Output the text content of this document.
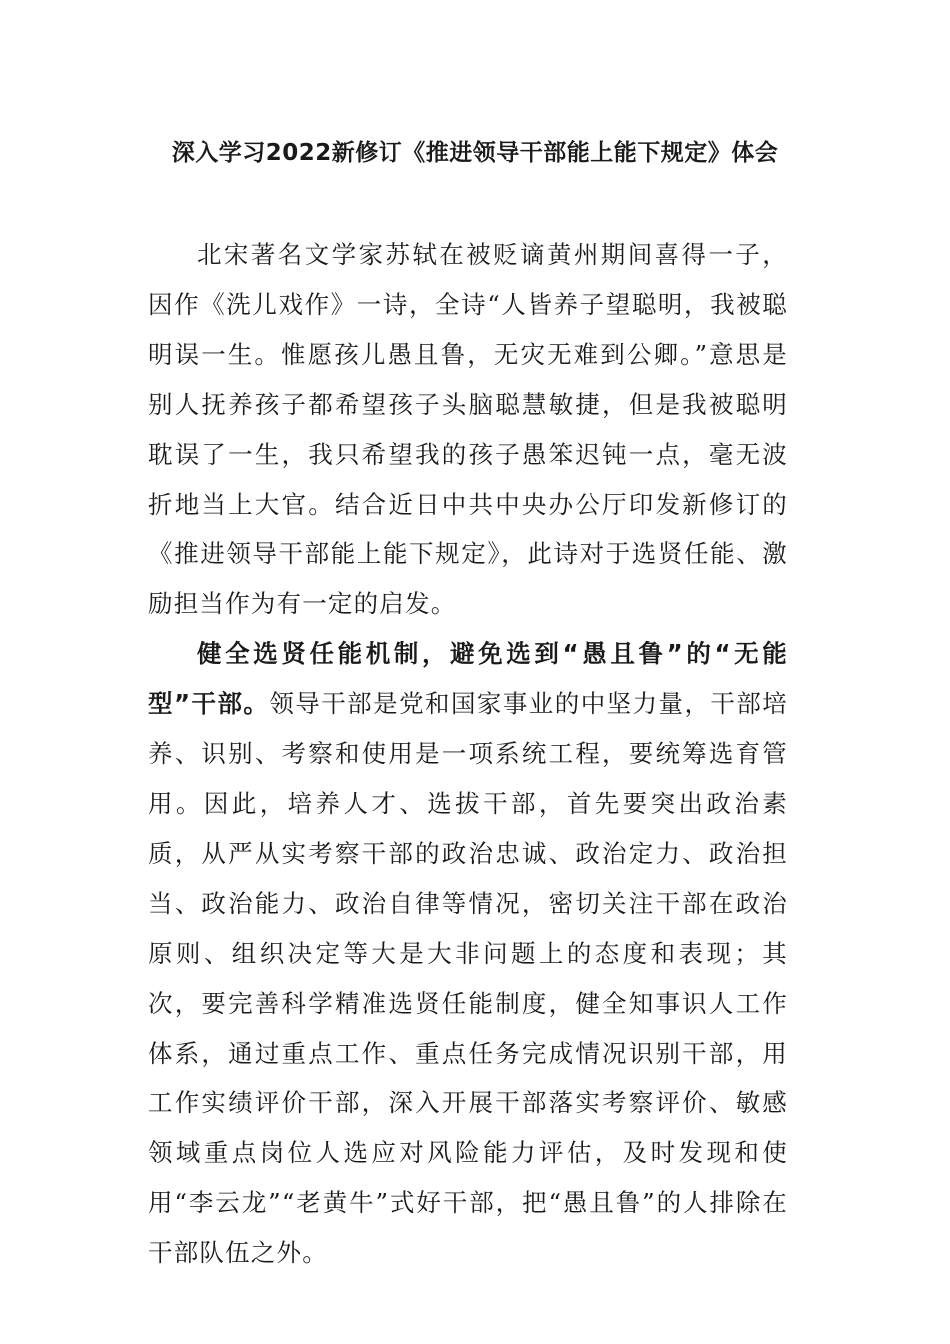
深入学习2022新修订《推进领导干部能上能下规定》体会

北宋著名文学家苏轼在被贬谪黄州期间喜得一子，因作《洗儿戏作》一诗，全诗“人皆养子望聪明，我被聪明误一生。惟愿孩儿愚且鲁，无灾无难到公卿。”意思是别人抚养孩子都希望孩子头脑聪慧敏捷，但是我被聪明耽误了一生，我只希望我的孩子愚笨迟钝一点，毫无波折地当上大官。结合近日中共中央办公厅印发新修订的《推进领导干部能上能下规定》，此诗对于选贤任能、激励担当作为有一定的启发。

健全选贤任能机制，避免选到“愚且鲁”的“无能型”干部。领导干部是党和国家事业的中坚力量，干部培养、识别、考察和使用是一项系统工程，要统筹选育管用。因此，培养人才、选拔干部，首先要突出政治素质，从严从实考察干部的政治忠诚、政治定力、政治担当、政治能力、政治自律等情况，密切关注干部在政治原则、组织决定等大是大非问题上的态度和表现；其次，要完善科学精准选贤任能制度，健全知事识人工作体系，通过重点工作、重点任务完成情况识别干部，用工作实绩评价干部，深入开展干部落实考察评价、敏感领域重点岗位人选应对风险能力评估，及时发现和使用“李云龙”“老黄牛”式好干部，把“愚且鲁”的人排除在干部队伍之外。
